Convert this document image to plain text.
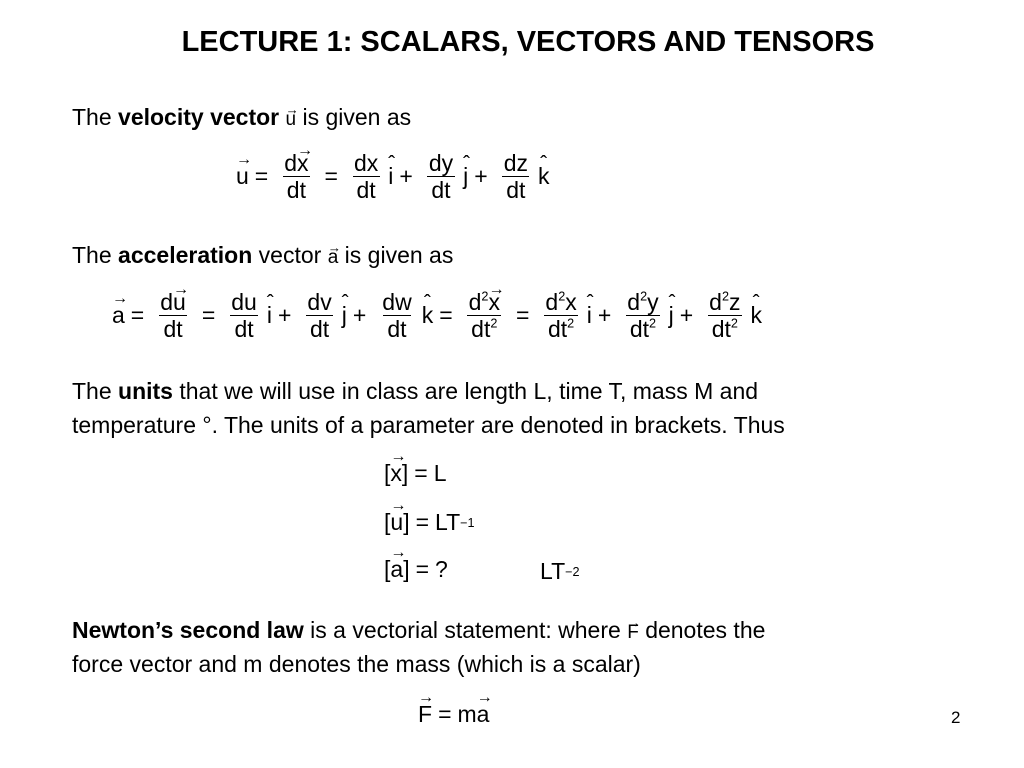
LECTURE 1: SCALARS, VECTORS AND TENSORS
The velocity vector → u is given as
→ $u = \frac{d\to x}{dt} = \frac{dx}{dt}$ ˆ $i + \frac{dy}{dt}$ ˆ $j + \frac{dz}{dt}$ ˆ k
The acceleration vector → a is given as
→ $a = \frac{d\to u}{dt} = \frac{du}{dt}$ ˆ $i + \frac{dv}{dt}$ ˆ $j + \frac{dw}{dt}$ ˆ $k = \frac{d^2\to x}{dt^2} = \frac{d^2x}{dt^2}$ ˆ $i + \frac{d^2y}{dt^2}$ ˆ $j + \frac{d^2z}{dt^2}$ ˆ k
The units that we will use in class are length L, time T, mass M and
temperature °. The units of a parameter are denoted in brackets. Thus
[ → x ] = L
[ → u ] = LT −1
[ → a ] = ?	LT −2
Newton’s second law is a vectorial statement: where → F denotes the
force vector and m denotes the mass (which is a scalar)
→ F = m → a	2
